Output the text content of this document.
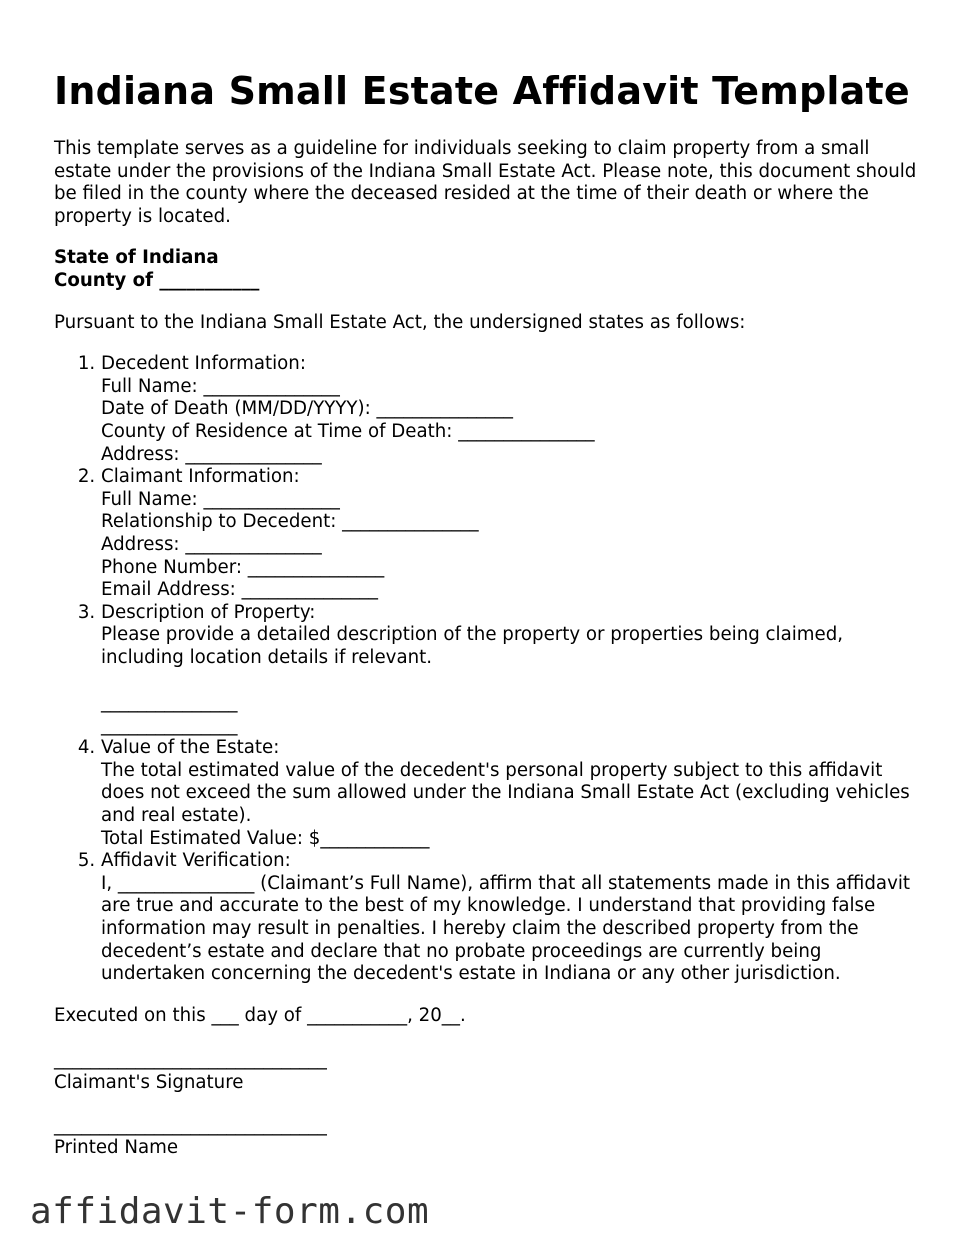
Indiana Small Estate Affidavit Template

This template serves as a guideline for individuals seeking to claim property from a small estate under the provisions of the Indiana Small Estate Act. Please note, this document should be filed in the county where the deceased resided at the time of their death or where the property is located.

State of Indiana

County of ___________

Pursuant to the Indiana Small Estate Act, the undersigned states as follows:

1. Decedent Information:
Full Name: _______________
Date of Death (MM/DD/YYYY): _______________
County of Residence at Time of Death: _______________
Address: _______________
2. Claimant Information:
Full Name: _______________
Relationship to Decedent: _______________
Address: _______________
Phone Number: _______________
Email Address: _______________
3. Description of Property:
Please provide a detailed description of the property or properties being claimed, including location details if relevant.
_______________
_______________
4. Value of the Estate:
The total estimated value of the decedent's personal property subject to this affidavit does not exceed the sum allowed under the Indiana Small Estate Act (excluding vehicles and real estate).
Total Estimated Value: $____________
5. Affidavit Verification:
I, _______________ (Claimant’s Full Name), affirm that all statements made in this affidavit are true and accurate to the best of my knowledge. I understand that providing false information may result in penalties. I hereby claim the described property from the decedent’s estate and declare that no probate proceedings are currently being undertaken concerning the decedent's estate in Indiana or any other jurisdiction.

Executed on this ___ day of ___________, 20__.

______________________________

Claimant's Signature

______________________________

Printed Name

affidavit-form.com
